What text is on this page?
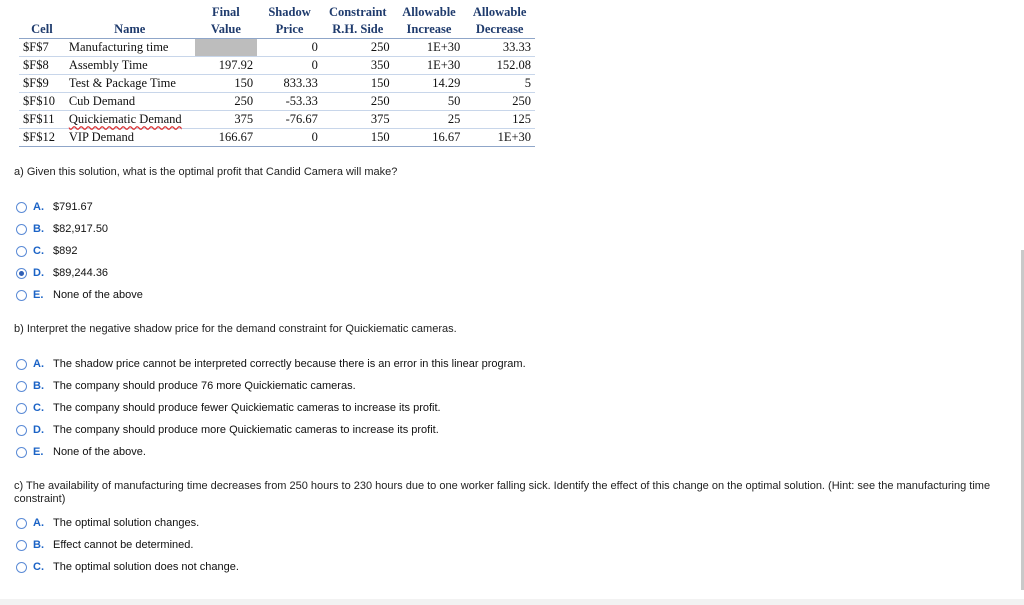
		Final	Shadow	Constraint	Allowable	Allowable
Cell	Name	Value	Price	R.H. Side	Increase	Decrease
$F$7	Manufacturing time		0	250	1E+30	33.33
$F$8	Assembly Time	197.92	0	350	1E+30	152.08
$F$9	Test & Package Time	150	833.33	150	14.29	5
$F$10	Cub Demand	250	-53.33	250	50	250
$F$11	Quickiematic Demand	375	-76.67	375	25	125
$F$12	VIP Demand	166.67	0	150	16.67	1E+30
a) Given this solution, what is the optimal profit that Candid Camera will make?
A. $791.67
B. $82,917.50
C. $892
D. $89,244.36
E. None of the above
b) Interpret the negative shadow price for the demand constraint for Quickiematic cameras.
A. The shadow price cannot be interpreted correctly because there is an error in this linear program.
B. The company should produce 76 more Quickiematic cameras.
C. The company should produce fewer Quickiematic cameras to increase its profit.
D. The company should produce more Quickiematic cameras to increase its profit.
E. None of the above.
c) The availability of manufacturing time decreases from 250 hours to 230 hours due to one worker falling sick. Identify the effect of this change on the optimal solution. (Hint: see the manufacturing time constraint)
A. The optimal solution changes.
B. Effect cannot be determined.
C. The optimal solution does not change.
